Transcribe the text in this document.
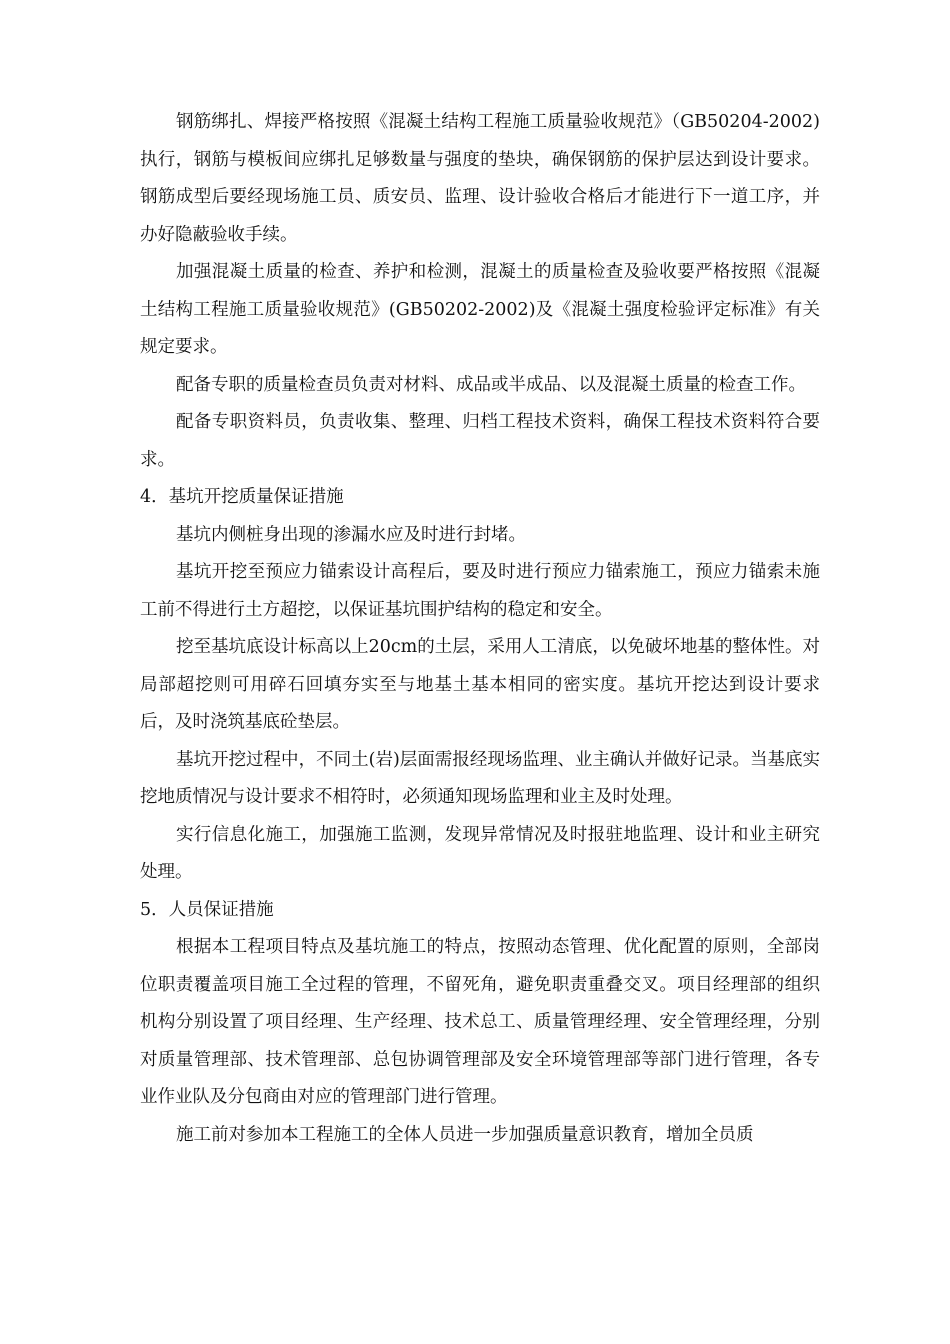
钢筋绑扎、焊接严格按照《混凝土结构工程施工质量验收规范》（GB50204-2002)执行，钢筋与模板间应绑扎足够数量与强度的垫块，确保钢筋的保护层达到设计要求。钢筋成型后要经现场施工员、质安员、监理、设计验收合格后才能进行下一道工序，并办好隐蔽验收手续。

加强混凝土质量的检查、养护和检测，混凝土的质量检查及验收要严格按照《混凝土结构工程施工质量验收规范》(GB50202-2002)及《混凝土强度检验评定标准》有关规定要求。

配备专职的质量检查员负责对材料、成品或半成品、以及混凝土质量的检查工作。

配备专职资料员，负责收集、整理、归档工程技术资料，确保工程技术资料符合要求。

4．基坑开挖质量保证措施

基坑内侧桩身出现的渗漏水应及时进行封堵。

基坑开挖至预应力锚索设计高程后，要及时进行预应力锚索施工，预应力锚索未施工前不得进行土方超挖，以保证基坑围护结构的稳定和安全。

挖至基坑底设计标高以上20cm的土层，采用人工清底，以免破坏地基的整体性。对局部超挖则可用碎石回填夯实至与地基土基本相同的密实度。基坑开挖达到设计要求后，及时浇筑基底砼垫层。

基坑开挖过程中，不同土(岩)层面需报经现场监理、业主确认并做好记录。当基底实挖地质情况与设计要求不相符时，必须通知现场监理和业主及时处理。

实行信息化施工，加强施工监测，发现异常情况及时报驻地监理、设计和业主研究处理。

5．人员保证措施

根据本工程项目特点及基坑施工的特点，按照动态管理、优化配置的原则，全部岗位职责覆盖项目施工全过程的管理，不留死角，避免职责重叠交叉。项目经理部的组织机构分别设置了项目经理、生产经理、技术总工、质量管理经理、安全管理经理，分别对质量管理部、技术管理部、总包协调管理部及安全环境管理部等部门进行管理，各专业作业队及分包商由对应的管理部门进行管理。

施工前对参加本工程施工的全体人员进一步加强质量意识教育，增加全员质
